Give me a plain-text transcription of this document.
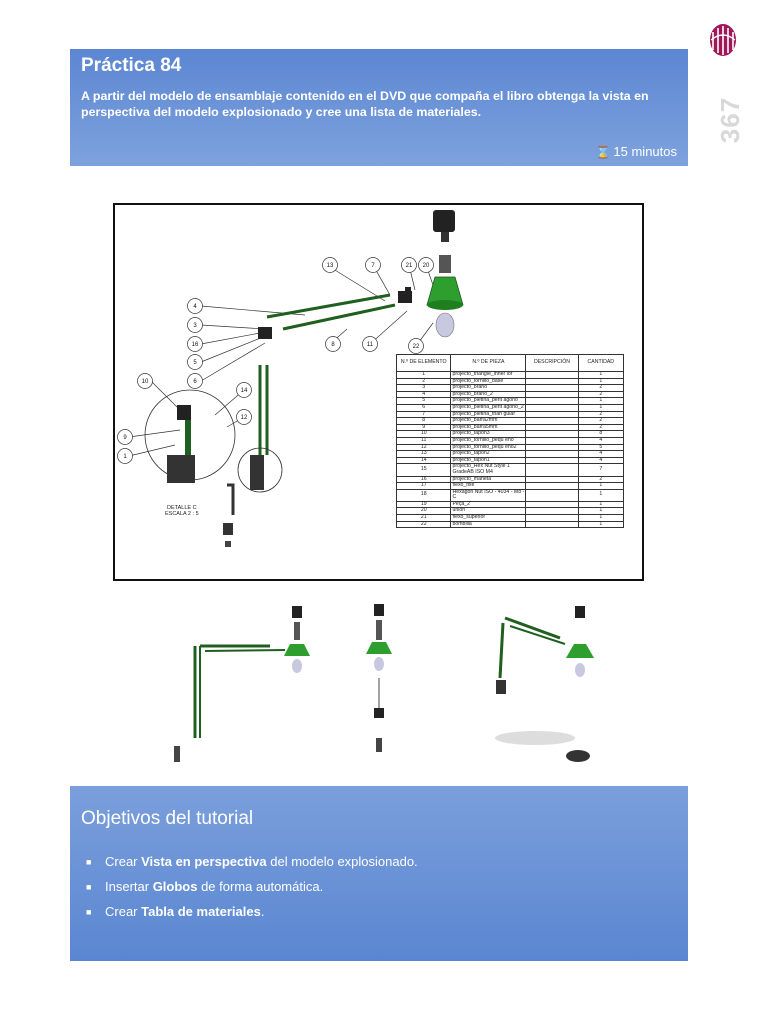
Práctica 84

A partir del modelo de ensamblaje contenido en el DVD que compaña el libro obtenga la vista en perspectiva del modelo explosionado y cree una lista de materiales.

⌛ 15 minutos
367
13	7	21 20
4
3
16
5
6
8	11	22
10
14
12
9
1
DETALLE C
ESCALA 2 : 5
N.º DE ELEMENTO	N.º DE PIEZA	DESCRIPCIÓN	CANTIDAD
1	projecto_triangle_inner ior		1
2	projecto_tornillo_base		1
3	projecto_brano		2
4	projecto_brano_2		2
5	projecto_pletina_pent agono		1
6	projecto_pletina_pent agono_2		1
7	projecto_pletina_trian gular		2
8	projecto_barra2mm		2
9	projecto_barra5mm		2
10	projecto_tapon3		8
11	projecto_tornillo_pequ eño		4
12	projecto_tornillo_pequ eño2		5
13	projecto_tapon2		4
14	projecto_tapon1		4
15	projecto_Hex Nut Style 1 GradeAB ISO M4		7
16	projecto_maneta		2
17	flexo_fixe		1
18	Hexagon Nut ISO - 4034 - M8 - C		1
19	Peça_2		1
20	unión		1
21	flexo_superior		1
22	bombilla		1
Objetivos del tutorial
■ Crear Vista en perspectiva del modelo explosionado.
■ Insertar Globos de forma automática.
■ Crear Tabla de materiales.
